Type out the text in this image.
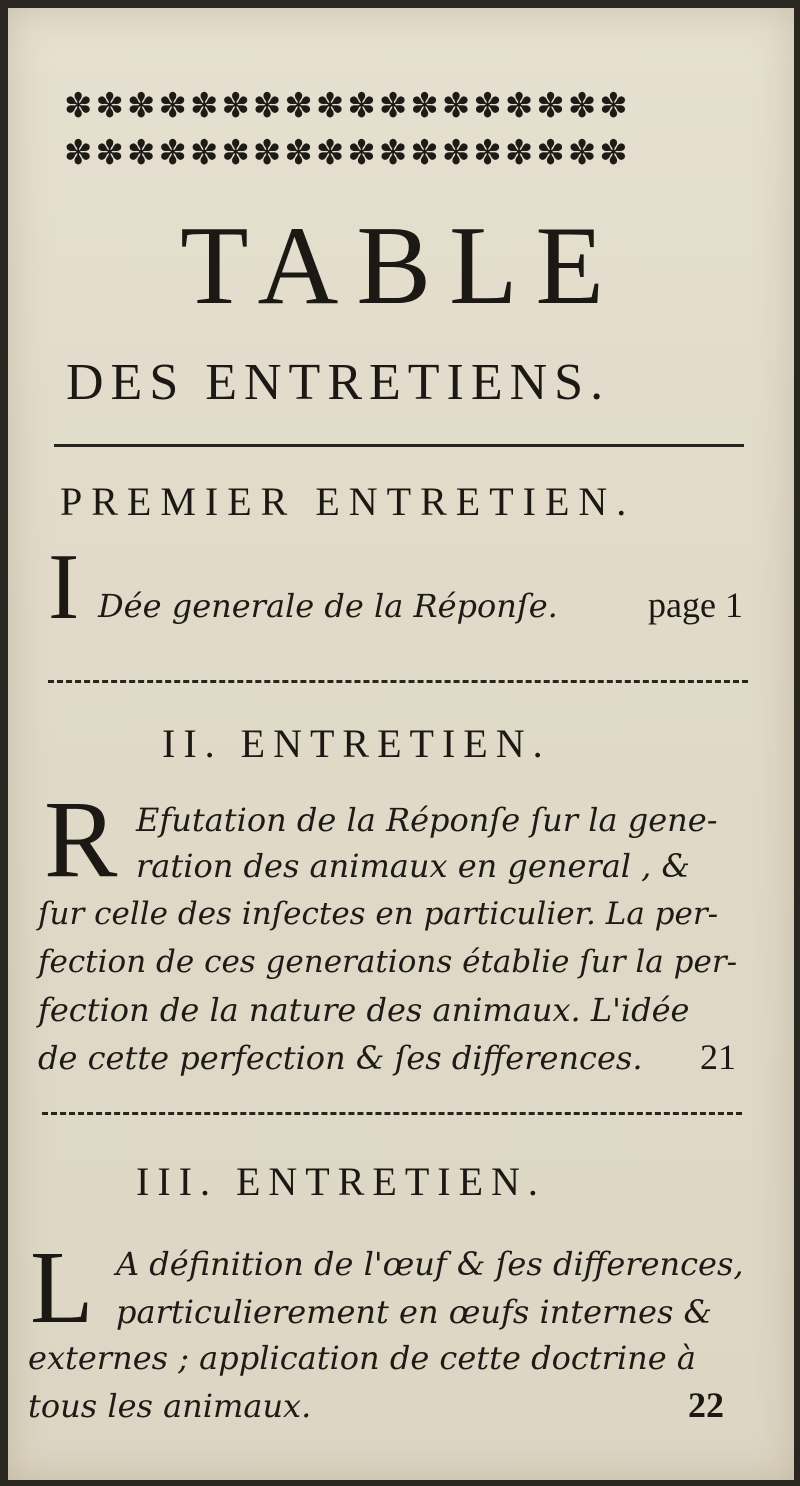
✽✽✽✽✽✽✽✽✽✽✽✽✽✽✽✽✽✽
✽✽✽✽✽✽✽✽✽✽✽✽✽✽✽✽✽✽
TABLE
DES ENTRETIENS.
PREMIER ENTRETIEN.
I Dée generale de la Réponſe.	page 1
II. ENTRETIEN.
R Efutation de la Réponſe ſur la gene-
ration des animaux en general , &
ſur celle des inſectes en particulier. La per-
fection de ces generations établie ſur la per-
fection de la nature des animaux. L'idée
de cette perfection & ſes differences.	21
III. ENTRETIEN.
L A définition de l'œuf & ſes differences,
particulierement en œufs internes &
externes ; application de cette doctrine à
tous les animaux.	22
